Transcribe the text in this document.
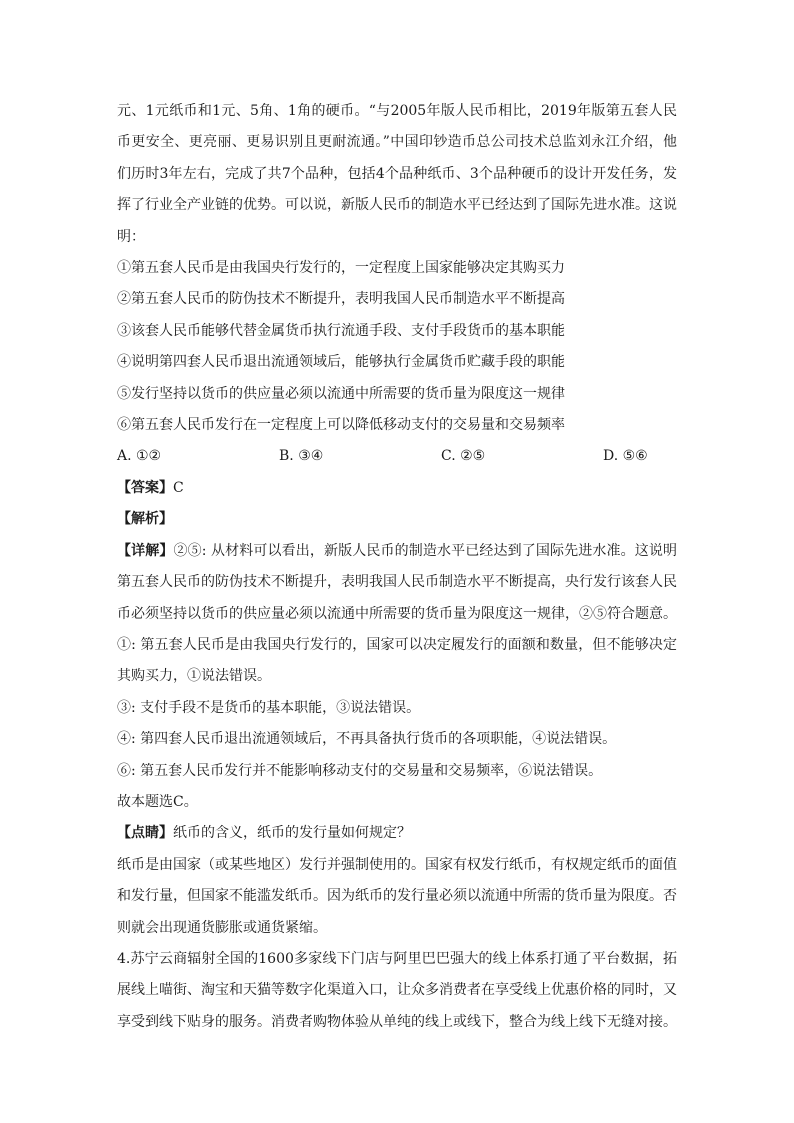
元、1元纸币和1元、5角、1角的硬币。“与2005年版人民币相比，2019年版第五套人民币更安全、更亮丽、更易识别且更耐流通。”中国印钞造币总公司技术总监刘永江介绍，他们历时3年左右，完成了共7个品种，包括4个品种纸币、3个品种硬币的设计开发任务，发挥了行业全产业链的优势。可以说，新版人民币的制造水平已经达到了国际先进水准。这说明：

①第五套人民币是由我国央行发行的，一定程度上国家能够决定其购买力

②第五套人民币的防伪技术不断提升，表明我国人民币制造水平不断提高

③该套人民币能够代替金属货币执行流通手段、支付手段货币的基本职能

④说明第四套人民币退出流通领域后，能够执行金属货币贮藏手段的职能

⑤发行坚持以货币的供应量必须以流通中所需要的货币量为限度这一规律

⑥第五套人民币发行在一定程度上可以降低移动支付的交易量和交易频率

A. ①②	B. ③④	C. ②⑤	D. ⑤⑥

【答案】C

【解析】

【详解】②⑤: 从材料可以看出，新版人民币的制造水平已经达到了国际先进水准。这说明第五套人民币的防伪技术不断提升，表明我国人民币制造水平不断提高，央行发行该套人民币必须坚持以货币的供应量必须以流通中所需要的货币量为限度这一规律，②⑤符合题意。

①: 第五套人民币是由我国央行发行的，国家可以决定履发行的面额和数量，但不能够决定其购买力，①说法错误。

③: 支付手段不是货币的基本职能，③说法错误。

④: 第四套人民币退出流通领域后，不再具备执行货币的各项职能，④说法错误。

⑥: 第五套人民币发行并不能影响移动支付的交易量和交易频率，⑥说法错误。

故本题选C。

【点睛】纸币的含义，纸币的发行量如何规定？

纸币是由国家（或某些地区）发行并强制使用的。国家有权发行纸币，有权规定纸币的面值和发行量，但国家不能滥发纸币。因为纸币的发行量必须以流通中所需的货币量为限度。否则就会出现通货膨胀或通货紧缩。

4.苏宁云商辐射全国的1600多家线下门店与阿里巴巴强大的线上体系打通了平台数据，拓展线上喵街、淘宝和天猫等数字化渠道入口，让众多消费者在享受线上优惠价格的同时，又享受到线下贴身的服务。消费者购物体验从单纯的线上或线下，整合为线上线下无缝对接。
